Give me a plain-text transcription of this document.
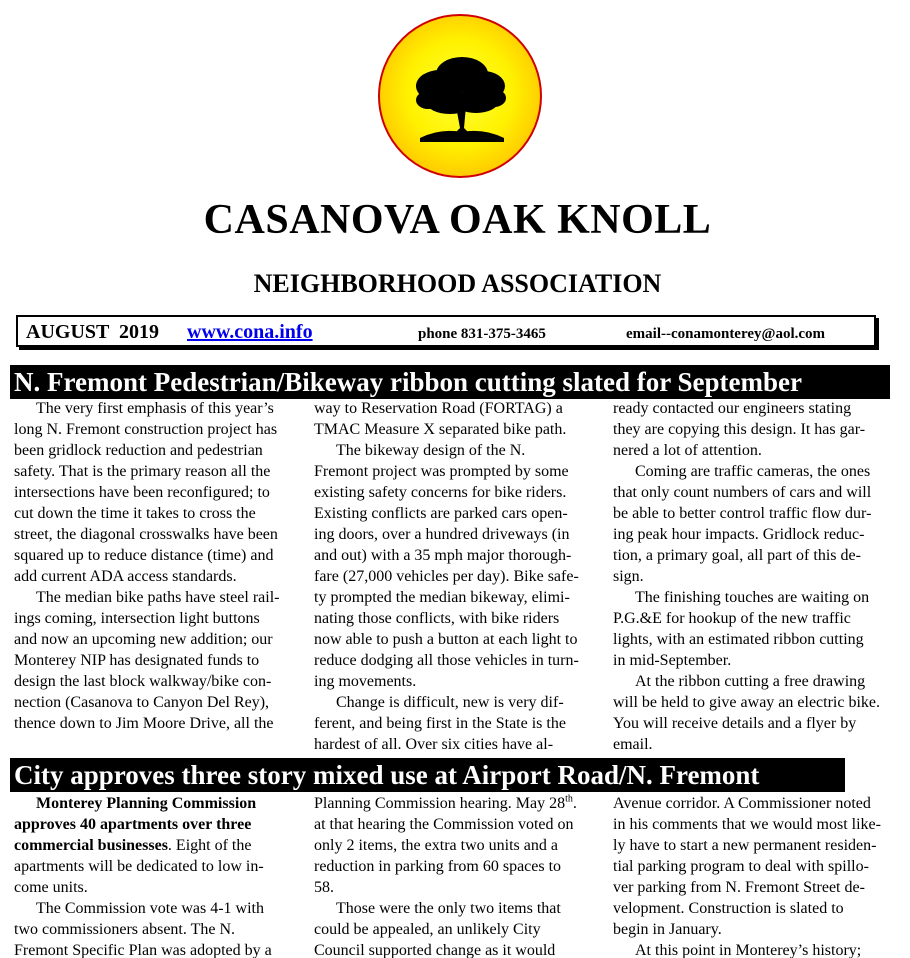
CASANOVA OAK KNOLL
NEIGHBORHOOD ASSOCIATION
AUGUST  2019 www.cona.info	phone 831-375-3465	email--conamonterey@aol.com
N. Fremont Pedestrian/Bikeway ribbon cutting slated for September
The very first emphasis of this year’s
long N. Fremont construction project has
been gridlock reduction and pedestrian
safety. That is the primary reason all the
intersections have been reconfigured; to
cut down the time it takes to cross the
street, the diagonal crosswalks have been
squared up to reduce distance (time) and
add current ADA access standards.
The median bike paths have steel rail-
ings coming, intersection light buttons
and now an upcoming new addition; our
Monterey NIP has designated funds to
design the last block walkway/bike con-
nection (Casanova to Canyon Del Rey),
thence down to Jim Moore Drive, all the
way to Reservation Road (FORTAG) a
TMAC Measure X separated bike path.
The bikeway design of the N.
Fremont project was prompted by some
existing safety concerns for bike riders.
Existing conflicts are parked cars open-
ing doors, over a hundred driveways (in
and out) with a 35 mph major thorough-
fare (27,000 vehicles per day). Bike safe-
ty prompted the median bikeway, elimi-
nating those conflicts, with bike riders
now able to push a button at each light to
reduce dodging all those vehicles in turn-
ing movements.
Change is difficult, new is very dif-
ferent, and being first in the State is the
hardest of all. Over six cities have al-
ready contacted our engineers stating
they are copying this design. It has gar-
nered a lot of attention.
Coming are traffic cameras, the ones
that only count numbers of cars and will
be able to better control traffic flow dur-
ing peak hour impacts. Gridlock reduc-
tion, a primary goal, all part of this de-
sign.
The finishing touches are waiting on
P.G.&E for hookup of the new traffic
lights, with an estimated ribbon cutting
in mid-September.
At the ribbon cutting a free drawing
will be held to give away an electric bike.
You will receive details and a flyer by
email.
City approves three story mixed use at Airport Road/N. Fremont
Monterey Planning Commission
approves 40 apartments over three
commercial businesses. Eight of the
apartments will be dedicated to low in-
come units.
The Commission vote was 4-1 with
two commissioners absent. The N.
Fremont Specific Plan was adopted by a
Planning Commission hearing. May 28th.
at that hearing the Commission voted on
only 2 items, the extra two units and a
reduction in parking from 60 spaces to
58.
Those were the only two items that
could be appealed, an unlikely City
Council supported change as it would
Avenue corridor. A Commissioner noted
in his comments that we would most like-
ly have to start a new permanent residen-
tial parking program to deal with spillo-
ver parking from N. Fremont Street de-
velopment. Construction is slated to
begin in January.
At this point in Monterey’s history;
